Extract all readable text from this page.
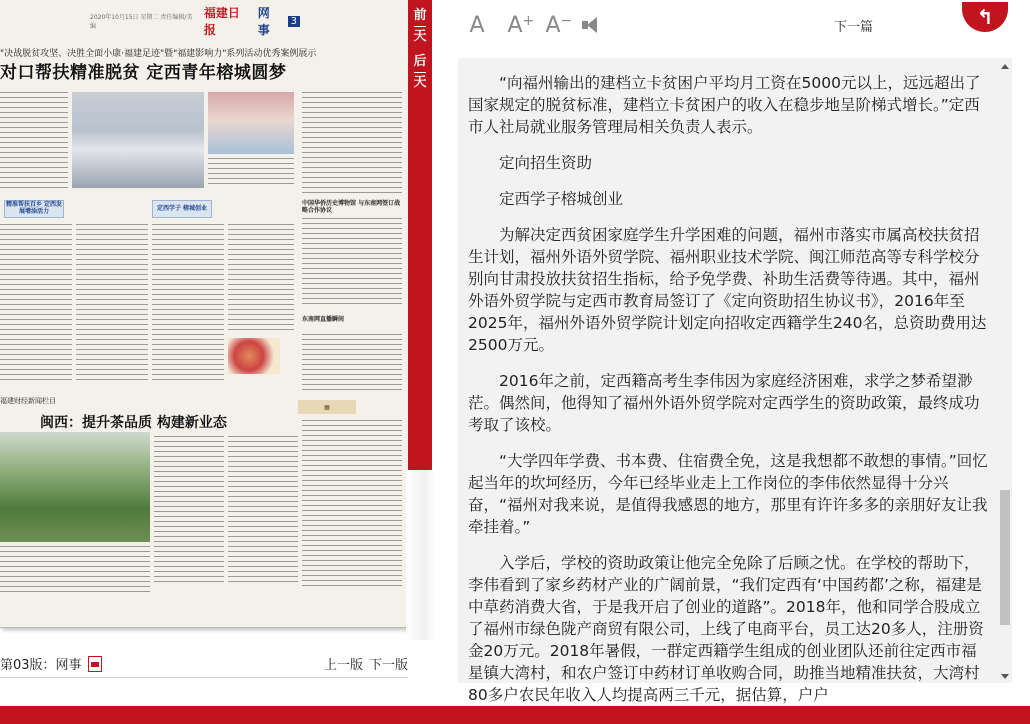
2020年10月15日 星期二 责任编辑/美编
福建日报
网事
3
"决战脱贫攻坚、决胜全面小康·福建足迹"暨"福建影响力"系列活动优秀案例展示
对口帮扶精准脱贫 定西青年榕城圆梦
精准帮扶百乡 定西发展增添活力	定西学子 榕城创业
中国华侨历史博物馆 与东南网签订战略合作协议
东南网直播瞬间
▦
福建财经新闻栏目
闽西：提升茶品质 构建新业态
第03版：网事	上一版 下一版
前
天
后
天
A	A + A −	下一篇	↰

“向福州输出的建档立卡贫困户平均月工资在5000元以上，远远超出了国家规定的脱贫标准，建档立卡贫困户的收入在稳步地呈阶梯式增长。”定西市人社局就业服务管理局相关负责人表示。

定向招生资助

定西学子榕城创业

为解决定西贫困家庭学生升学困难的问题，福州市落实市属高校扶贫招生计划，福州外语外贸学院、福州职业技术学院、闽江师范高等专科学校分别向甘肃投放扶贫招生指标，给予免学费、补助生活费等待遇。其中，福州外语外贸学院与定西市教育局签订了《定向资助招生协议书》，2016年至2025年，福州外语外贸学院计划定向招收定西籍学生240名，总资助费用达2500万元。

2016年之前，定西籍高考生李伟因为家庭经济困难，求学之梦希望渺茫。偶然间，他得知了福州外语外贸学院对定西学生的资助政策，最终成功考取了该校。

“大学四年学费、书本费、住宿费全免，这是我想都不敢想的事情。”回忆起当年的坎坷经历，今年已经毕业走上工作岗位的李伟依然显得十分兴奋，“福州对我来说，是值得我感恩的地方，那里有许许多多的亲朋好友让我牵挂着。”

入学后，学校的资助政策让他完全免除了后顾之忧。在学校的帮助下，李伟看到了家乡药材产业的广阔前景，“我们定西有‘中国药都’之称，福建是中草药消费大省，于是我开启了创业的道路”。2018年，他和同学合股成立了福州市绿色陇产商贸有限公司，上线了电商平台，员工达20多人，注册资金20万元。2018年暑假，一群定西籍学生组成的创业团队还前往定西市福星镇大湾村，和农户签订中药材订单收购合同，助推当地精准扶贫，大湾村80多户农民年收入人均提高两三千元，据估算，户户
